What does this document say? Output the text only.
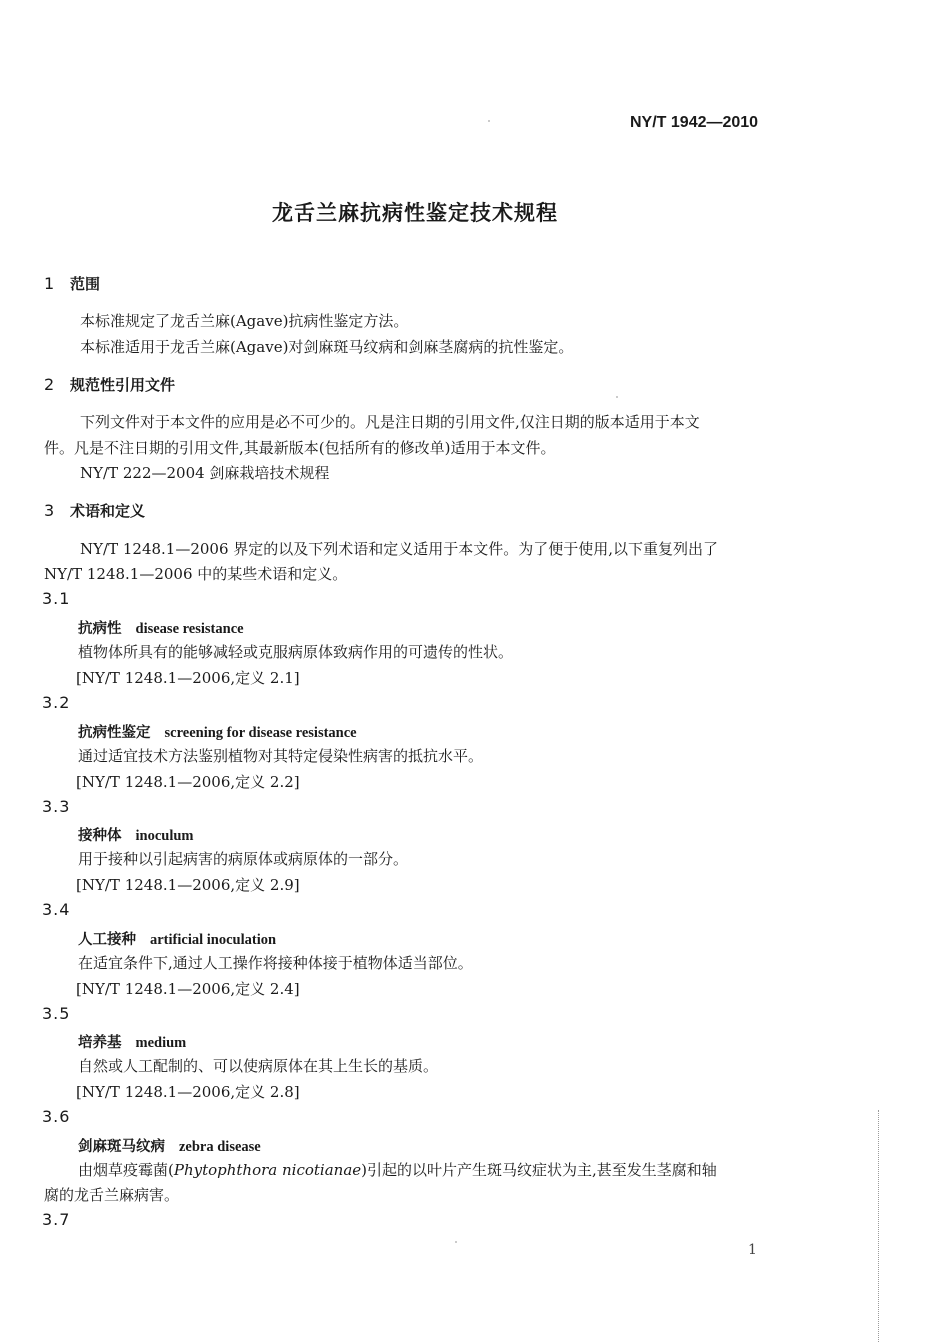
NY/T 1942—2010
龙舌兰麻抗病性鉴定技术规程
1 范围
本标准规定了龙舌兰麻(Agave)抗病性鉴定方法。
本标准适用于龙舌兰麻(Agave)对剑麻斑马纹病和剑麻茎腐病的抗性鉴定。
2 规范性引用文件
下列文件对于本文件的应用是必不可少的。凡是注日期的引用文件,仅注日期的版本适用于本文
件。凡是不注日期的引用文件,其最新版本(包括所有的修改单)适用于本文件。
NY/T 222—2004 剑麻栽培技术规程
3 术语和定义
NY/T 1248.1—2006 界定的以及下列术语和定义适用于本文件。为了便于使用,以下重复列出了
NY/T 1248.1—2006 中的某些术语和定义。
3.1
抗病性 disease resistance
植物体所具有的能够减轻或克服病原体致病作用的可遗传的性状。
[NY/T 1248.1—2006,定义 2.1]
3.2
抗病性鉴定 screening for disease resistance
通过适宜技术方法鉴别植物对其特定侵染性病害的抵抗水平。
[NY/T 1248.1—2006,定义 2.2]
3.3
接种体 inoculum
用于接种以引起病害的病原体或病原体的一部分。
[NY/T 1248.1—2006,定义 2.9]
3.4
人工接种 artificial inoculation
在适宜条件下,通过人工操作将接种体接于植物体适当部位。
[NY/T 1248.1—2006,定义 2.4]
3.5
培养基 medium
自然或人工配制的、可以使病原体在其上生长的基质。
[NY/T 1248.1—2006,定义 2.8]
3.6
剑麻斑马纹病 zebra disease
由烟草疫霉菌(Phytophthora nicotianae)引起的以叶片产生斑马纹症状为主,甚至发生茎腐和轴
腐的龙舌兰麻病害。
3.7
1
